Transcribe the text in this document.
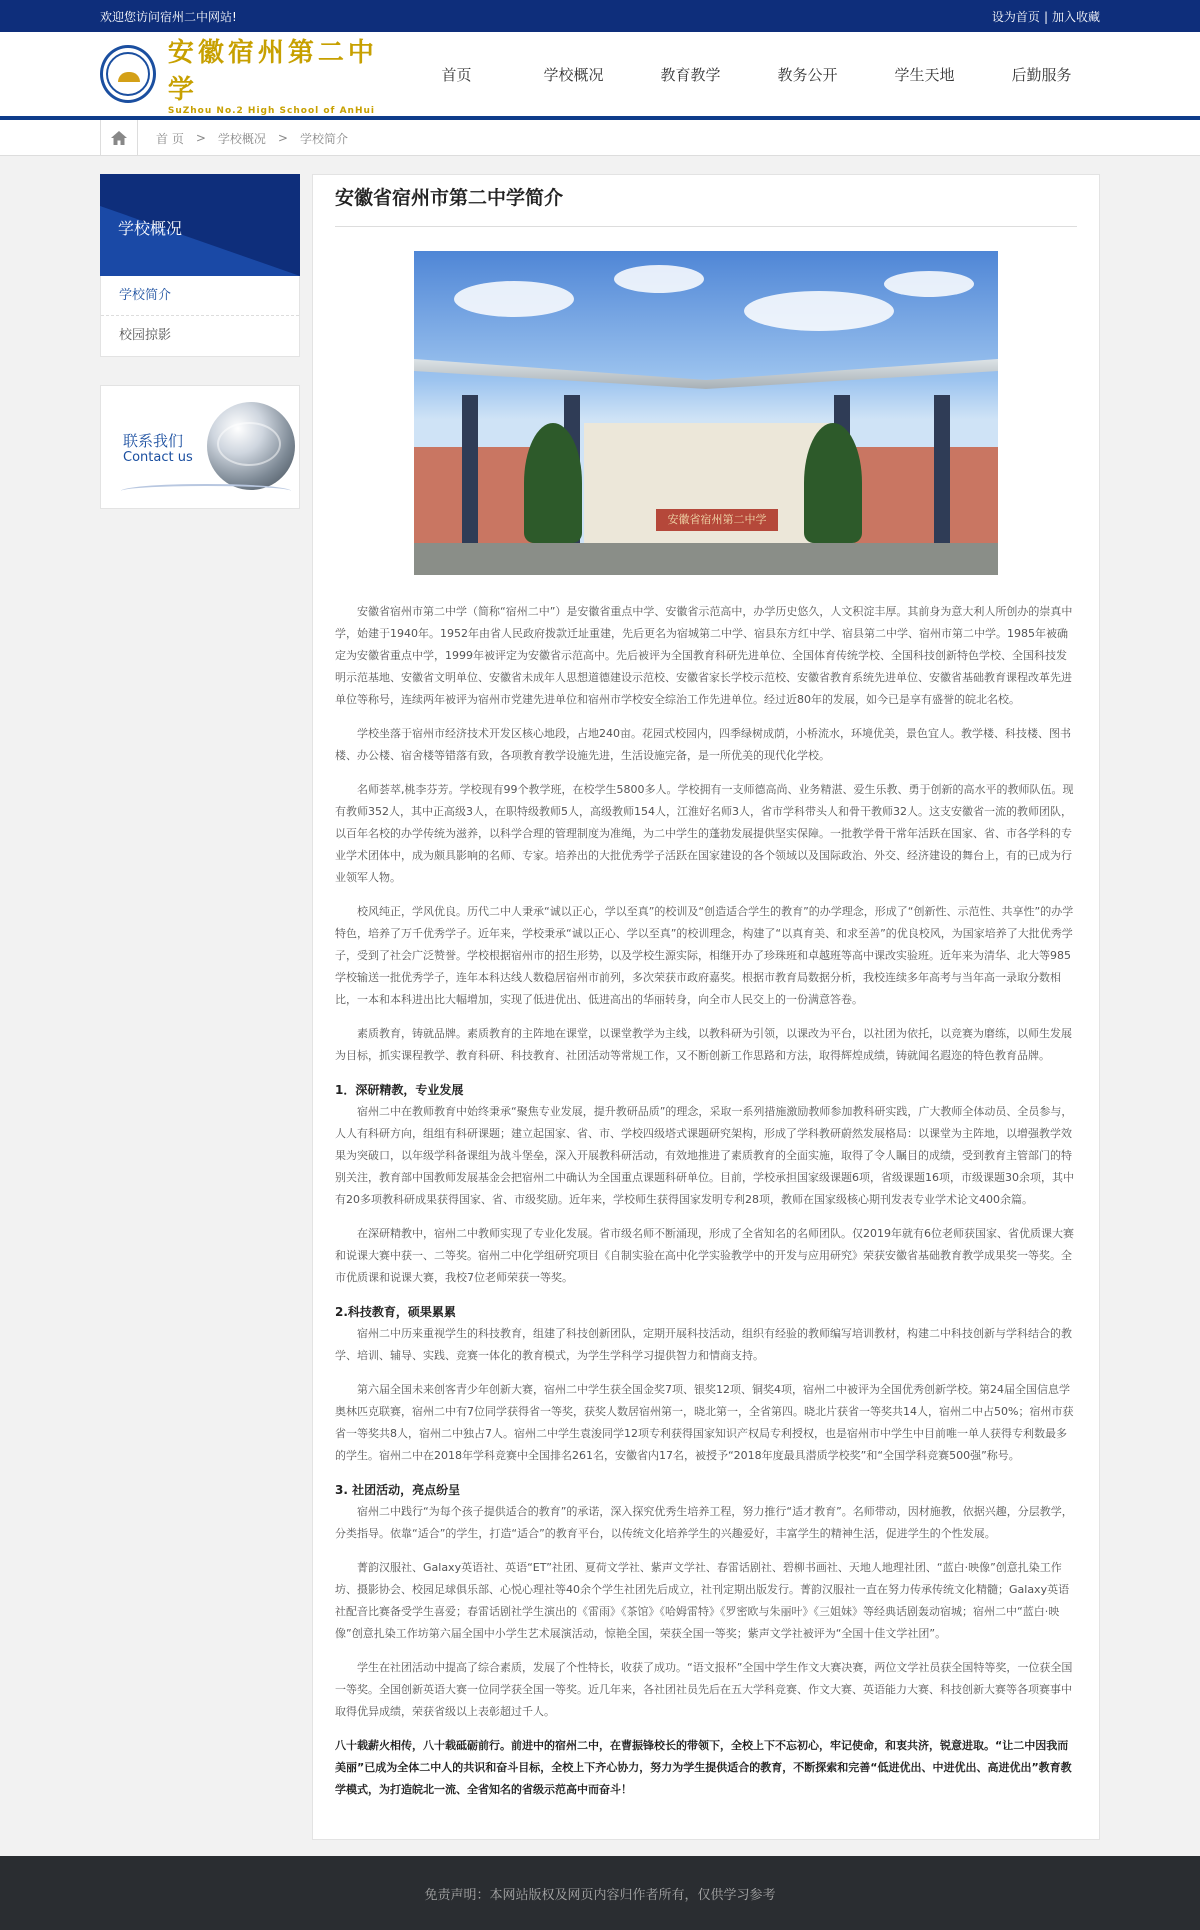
欢迎您访问宿州二中网站!	设为首页 | 加入收藏
安徽宿州第二中学
SuZhou No.2 High School of AnHui
首页	学校概况	教育教学	教务公开	学生天地	后勤服务
首 页 > 学校概况 > 学校简介
学校概况
学校简介
校园掠影
联系我们
Contact us
安徽省宿州市第二中学简介
安徽省宿州第二中学

安徽省宿州市第二中学（简称“宿州二中”）是安徽省重点中学、安徽省示范高中，办学历史悠久，人文积淀丰厚。其前身为意大利人所创办的崇真中学，始建于1940年。1952年由省人民政府拨款迁址重建，先后更名为宿城第二中学、宿县东方红中学、宿县第二中学、宿州市第二中学。1985年被确定为安徽省重点中学，1999年被评定为安徽省示范高中。先后被评为全国教育科研先进单位、全国体育传统学校、全国科技创新特色学校、全国科技发明示范基地、安徽省文明单位、安徽省未成年人思想道德建设示范校、安徽省家长学校示范校、安徽省教育系统先进单位、安徽省基础教育课程改革先进单位等称号，连续两年被评为宿州市党建先进单位和宿州市学校安全综治工作先进单位。经过近80年的发展，如今已是享有盛誉的皖北名校。

学校坐落于宿州市经济技术开发区核心地段，占地240亩。花园式校园内，四季绿树成荫，小桥流水，环境优美，景色宜人。教学楼、科技楼、图书楼、办公楼、宿舍楼等错落有致，各项教育教学设施先进，生活设施完备，是一所优美的现代化学校。

名师荟萃,桃李芬芳。学校现有99个教学班，在校学生5800多人。学校拥有一支师德高尚、业务精湛、爱生乐教、勇于创新的高水平的教师队伍。现有教师352人，其中正高级3人，在职特级教师5人，高级教师154人，江淮好名师3人，省市学科带头人和骨干教师32人。这支安徽省一流的教师团队，以百年名校的办学传统为滋养，以科学合理的管理制度为准绳，为二中学生的蓬勃发展提供坚实保障。一批教学骨干常年活跃在国家、省、市各学科的专业学术团体中，成为颇具影响的名师、专家。培养出的大批优秀学子活跃在国家建设的各个领域以及国际政治、外交、经济建设的舞台上，有的已成为行业领军人物。

校风纯正，学风优良。历代二中人秉承“诚以正心，学以至真”的校训及“创造适合学生的教育”的办学理念，形成了“创新性、示范性、共享性”的办学特色，培养了万千优秀学子。近年来，学校秉承“诚以正心、学以至真”的校训理念，构建了“以真育美、和求至善”的优良校风，为国家培养了大批优秀学子，受到了社会广泛赞誉。学校根据宿州市的招生形势，以及学校生源实际，相继开办了珍珠班和卓越班等高中课改实验班。近年来为清华、北大等985学校输送一批优秀学子，连年本科达线人数稳居宿州市前列，多次荣获市政府嘉奖。根据市教育局数据分析，我校连续多年高考与当年高一录取分数相比，一本和本科进出比大幅增加，实现了低进优出、低进高出的华丽转身，向全市人民交上的一份满意答卷。

素质教育，铸就品牌。素质教育的主阵地在课堂，以课堂教学为主线，以教科研为引领，以课改为平台，以社团为依托，以竞赛为磨练，以师生发展为目标，抓实课程教学、教育科研、科技教育、社团活动等常规工作，又不断创新工作思路和方法，取得辉煌成绩，铸就闻名遐迩的特色教育品牌。

1．深研精教，专业发展

宿州二中在教师教育中始终秉承“聚焦专业发展，提升教研品质”的理念，采取一系列措施激励教师参加教科研实践，广大教师全体动员、全员参与，人人有科研方向，组组有科研课题；建立起国家、省、市、学校四级塔式课题研究架构，形成了学科教研蔚然发展格局：以课堂为主阵地，以增强教学效果为突破口，以年级学科备课组为战斗堡垒，深入开展教科研活动，有效地推进了素质教育的全面实施，取得了令人瞩目的成绩，受到教育主管部门的特别关注，教育部中国教师发展基金会把宿州二中确认为全国重点课题科研单位。目前，学校承担国家级课题6项，省级课题16项，市级课题30余项，其中有20多项教科研成果获得国家、省、市级奖励。近年来，学校师生获得国家发明专利28项，教师在国家级核心期刊发表专业学术论文400余篇。

在深研精教中，宿州二中教师实现了专业化发展。省市级名师不断涌现，形成了全省知名的名师团队。仅2019年就有6位老师获国家、省优质课大赛和说课大赛中获一、二等奖。宿州二中化学组研究项目《自制实验在高中化学实验教学中的开发与应用研究》荣获安徽省基础教育教学成果奖一等奖。全市优质课和说课大赛，我校7位老师荣获一等奖。

2.科技教育，硕果累累

宿州二中历来重视学生的科技教育，组建了科技创新团队，定期开展科技活动，组织有经验的教师编写培训教材，构建二中科技创新与学科结合的教学、培训、辅导、实践、竞赛一体化的教育模式，为学生学科学习提供智力和情商支持。

第六届全国未来创客青少年创新大赛，宿州二中学生获全国金奖7项、银奖12项、铜奖4项，宿州二中被评为全国优秀创新学校。第24届全国信息学奥林匹克联赛，宿州二中有7位同学获得省一等奖，获奖人数居宿州第一，晓北第一，全省第四。晓北片获省一等奖共14人，宿州二中占50%；宿州市获省一等奖共8人，宿州二中独占7人。宿州二中学生袁浚同学12项专利获得国家知识产权局专利授权，也是宿州市中学生中目前唯一单人获得专利数最多的学生。宿州二中在2018年学科竞赛中全国排名261名，安徽省内17名，被授予“2018年度最具潜质学校奖”和“全国学科竞赛500强”称号。

3. 社团活动，亮点纷呈

宿州二中践行“为每个孩子提供适合的教育”的承诺，深入探究优秀生培养工程，努力推行“适才教育”。名师带动，因材施教，依据兴趣，分层教学，分类指导。依靠“适合”的学生，打造“适合”的教育平台，以传统文化培养学生的兴趣爱好，丰富学生的精神生活，促进学生的个性发展。

菁韵汉服社、Galaxy英语社、英语“ET”社团、夏荷文学社、紫声文学社、春雷话剧社、碧柳书画社、天地人地理社团、“蓝白·映像”创意扎染工作坊、摄影协会、校园足球俱乐部、心悦心理社等40余个学生社团先后成立，社刊定期出版发行。菁韵汉服社一直在努力传承传统文化精髓；Galaxy英语社配音比赛备受学生喜爱；春雷话剧社学生演出的《雷雨》《茶馆》《哈姆雷特》《罗密欧与朱丽叶》《三姐妹》等经典话剧轰动宿城；宿州二中“蓝白·映像”创意扎染工作坊第六届全国中小学生艺术展演活动，惊艳全国，荣获全国一等奖；紫声文学社被评为“全国十佳文学社团”。

学生在社团活动中提高了综合素质，发展了个性特长，收获了成功。“语文报杯”全国中学生作文大赛决赛，两位文学社员获全国特等奖，一位获全国一等奖。全国创新英语大赛一位同学获全国一等奖。近几年来，各社团社员先后在五大学科竞赛、作文大赛、英语能力大赛、科技创新大赛等各项赛事中取得优异成绩，荣获省级以上表彰超过千人。

八十载薪火相传，八十载砥砺前行。前进中的宿州二中，在曹振锋校长的带领下，全校上下不忘初心，牢记使命，和衷共济，锐意进取。“让二中因我而美丽”已成为全体二中人的共识和奋斗目标，全校上下齐心协力，努力为学生提供适合的教育，不断探索和完善“低进优出、中进优出、高进优出”教育教学模式，为打造皖北一流、全省知名的省级示范高中而奋斗！

免责声明：本网站版权及网页内容归作者所有，仅供学习参考
